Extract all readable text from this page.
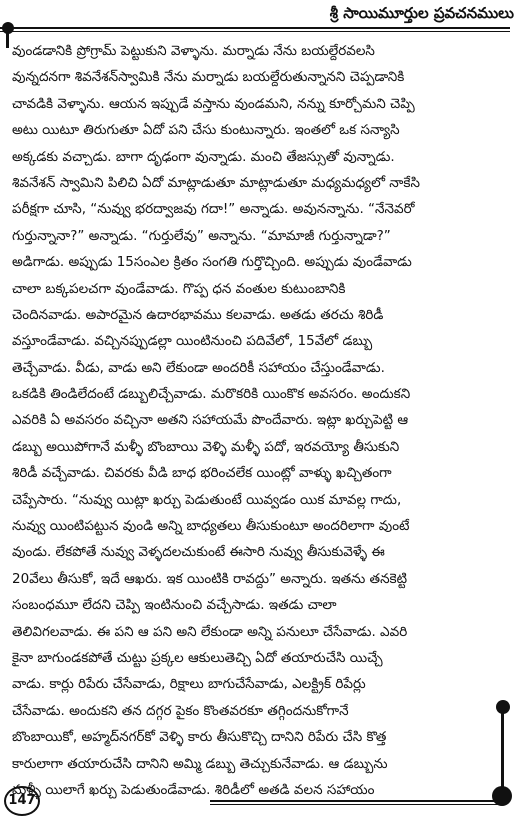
శ్రీ సాయిమూర్తుల ప్రవచనములు
వుండడానికి ప్రోగ్రామ్ పెట్టుకుని వెళ్ళాను. మర్నాడు నేను బయల్దేరవలసి
వున్నదనగా శివనేశన్‌స్వామికి నేను మర్నాడు బయల్దేరుతున్నానని చెప్పడానికి
చావడికి వెళ్ళాను. ఆయన ఇప్పుడే వస్తాను వుండమని, నన్ను కూర్చోమని చెప్పి
అటు యిటూ తిరుగుతూ ఏదో పని చేసు కుంటున్నారు. ఇంతలో ఒక సన్యాసి
అక్కడకు వచ్చాడు. బాగా దృఢంగా వున్నాడు. మంచి తేజస్సుతో వున్నాడు.
శివనేశన్ స్వామిని పిలిచి ఏదో మాట్లాడుతూ మాట్లాడుతూ మధ్యమధ్యలో నాకేసి
పరీక్షగా చూసి, “నువ్వు భరద్వాజవు గదా!” అన్నాడు. అవునన్నాను. “నేనెవరో
గుర్తున్నానా?” అన్నాడు. “గుర్తులేవు” అన్నాను. “మామాజీ గుర్తున్నాడా?”
అడిగాడు. అప్పుడు 15సంఎల క్రితం సంగతి గుర్తొచ్చింది. అప్పుడు వుండేవాడు
చాలా బక్కపలచగా వుండేవాడు. గొప్ప ధన వంతుల కుటుంబానికి
చెందినవాడు. అపారమైన ఉదారభావము కలవాడు. అతడు తరచు శిరిడీ
వస్తూండేవాడు. వచ్చినప్పుడల్లా యింటినుంచి పదివేలో, 15వేలో డబ్బు
తెచ్చేవాడు. వీడు, వాడు అని లేకుండా అందరికీ సహాయం చేస్తుండేవాడు.
ఒకడికి తిండిలేదంటే డబ్బులిచ్చేవాడు. మరొకరికి యింకొక అవసరం. అందుకని
ఎవరికి ఏ అవసరం వచ్చినా అతని సహాయమే పొందేవారు. ఇట్లా ఖర్చుపెట్టి ఆ
డబ్బు అయిపోగానే మళ్ళీ బొంబాయి వెళ్ళి మళ్ళీ పదో, ఇరవయ్యో తీసుకుని
శిరిడీ వచ్చేవాడు. చివరకు వీడి బాధ భరించలేక యింట్లో వాళ్ళు ఖచ్చితంగా
చెప్పేసారు. “నువ్వు యిట్లా ఖర్చు పెడుతుంటే యివ్వడం యిక మావల్ల గాదు,
నువ్వు యింటిపట్టున వుండి అన్ని బాధ్యతలు తీసుకుంటూ అందరిలాగా వుంటే
వుండు. లేకపోతే నువ్వు వెళ్ళదలచుకుంటే ఈసారి నువ్వు తీసుకువెళ్ళే ఈ
20వేలు తీసుకో, ఇదే ఆఖరు. ఇక యింటికి రావద్దు” అన్నారు. ఇతను తనకెట్టి
సంబంధమూ లేదని చెప్పి ఇంటినుంచి వచ్చేసాడు. ఇతడు చాలా
తెలివిగలవాడు. ఈ పని ఆ పని అని లేకుండా అన్ని పనులూ చేసేవాడు. ఎవరి
కైనా బాగుండకపోతే చుట్టు ప్రక్కల ఆకులుతెచ్చి ఏదో తయారుచేసి యిచ్చే
వాడు. కార్లు రిపేరు చేసేవాడు, రిక్షాలు బాగుచేసేవాడు, ఎలక్ట్రిక్ రిపేర్లు
చేసేవాడు. అందుకని తన దగ్గర పైకం కొంతవరకూ తగ్గిందనుకోగానే
బొంబాయికో, అహ్మద్‌నగర్‌కో వెళ్ళి కారు తీసుకొచ్చి దానిని రిపేరు చేసి కొత్త
కారులాగా తయారుచేసి దానిని అమ్మి డబ్బు తెచ్చుకునేవాడు. ఆ డబ్బును
మళ్ళీ యిలాగే ఖర్చు పెడుతుండేవాడు. శిరిడీలో అతడి వలన సహాయం
147
